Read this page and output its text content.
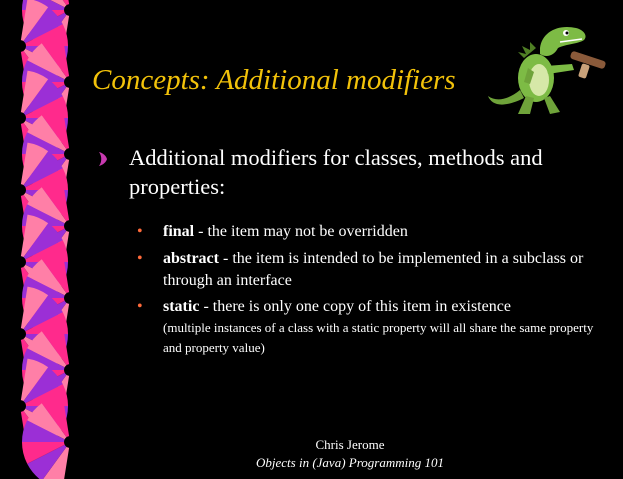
Concepts: Additional modifiers

Additional modifiers for classes, methods and properties:

• final - the item may not be overridden

• abstract - the item is intended to be implemented in a subclass or through an interface

• static - there is only one copy of this item in existence
(multiple instances of a class with a static property will all share the same property and property value)

Chris Jerome

Objects in (Java) Programming 101
